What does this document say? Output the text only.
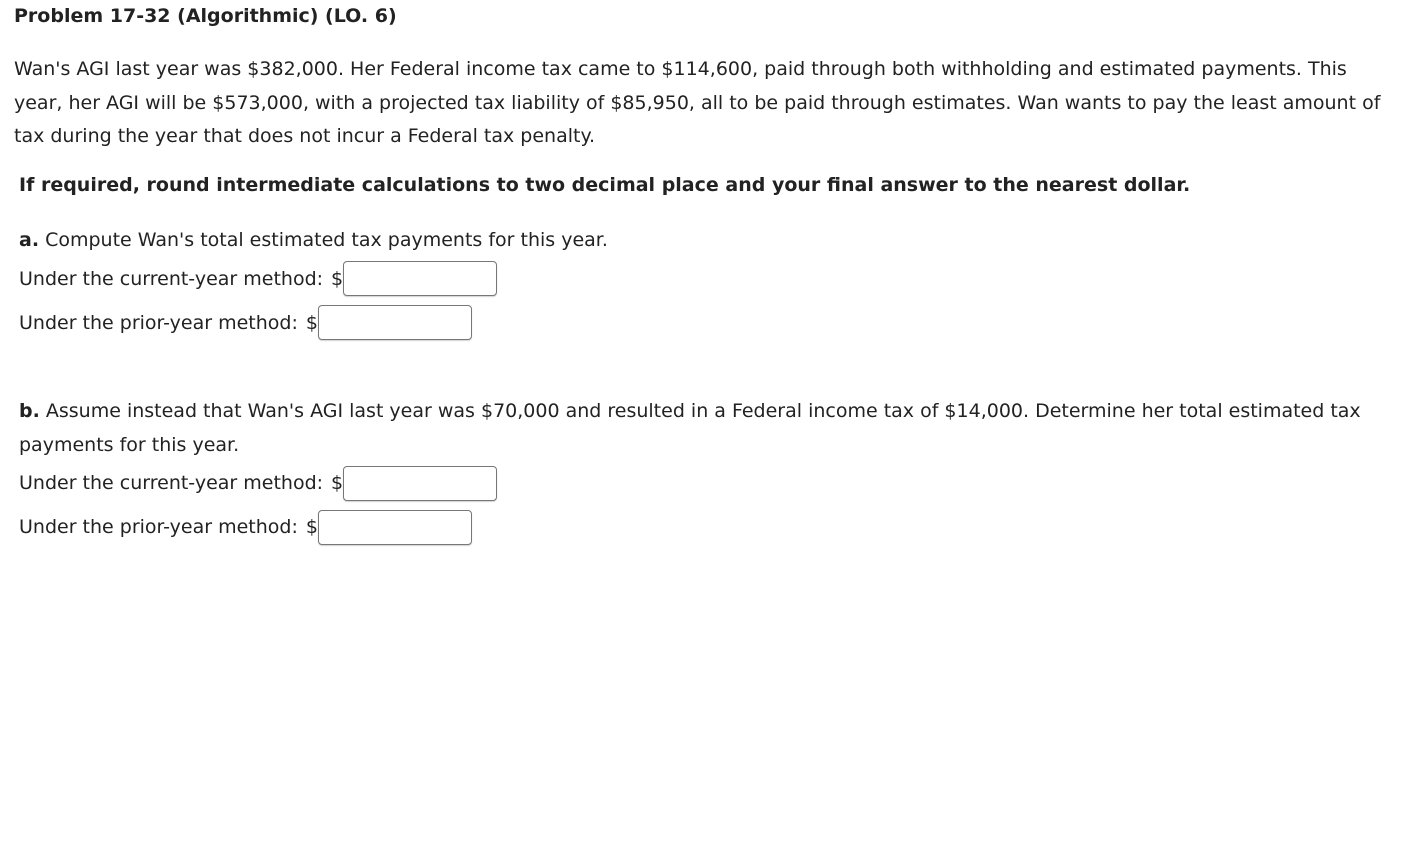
Problem 17-32 (Algorithmic) (LO. 6)

Wan's AGI last year was $382,000. Her Federal income tax came to $114,600, paid through both withholding and estimated payments. This year, her AGI will be $573,000, with a projected tax liability of $85,950, all to be paid through estimates. Wan wants to pay the least amount of tax during the year that does not incur a Federal tax penalty.

If required, round intermediate calculations to two decimal place and your final answer to the nearest dollar.

a. Compute Wan's total estimated tax payments for this year.

Under the current-year method: $
Under the prior-year method: $

b. Assume instead that Wan's AGI last year was $70,000 and resulted in a Federal income tax of $14,000. Determine her total estimated tax payments for this year.

Under the current-year method: $
Under the prior-year method: $
